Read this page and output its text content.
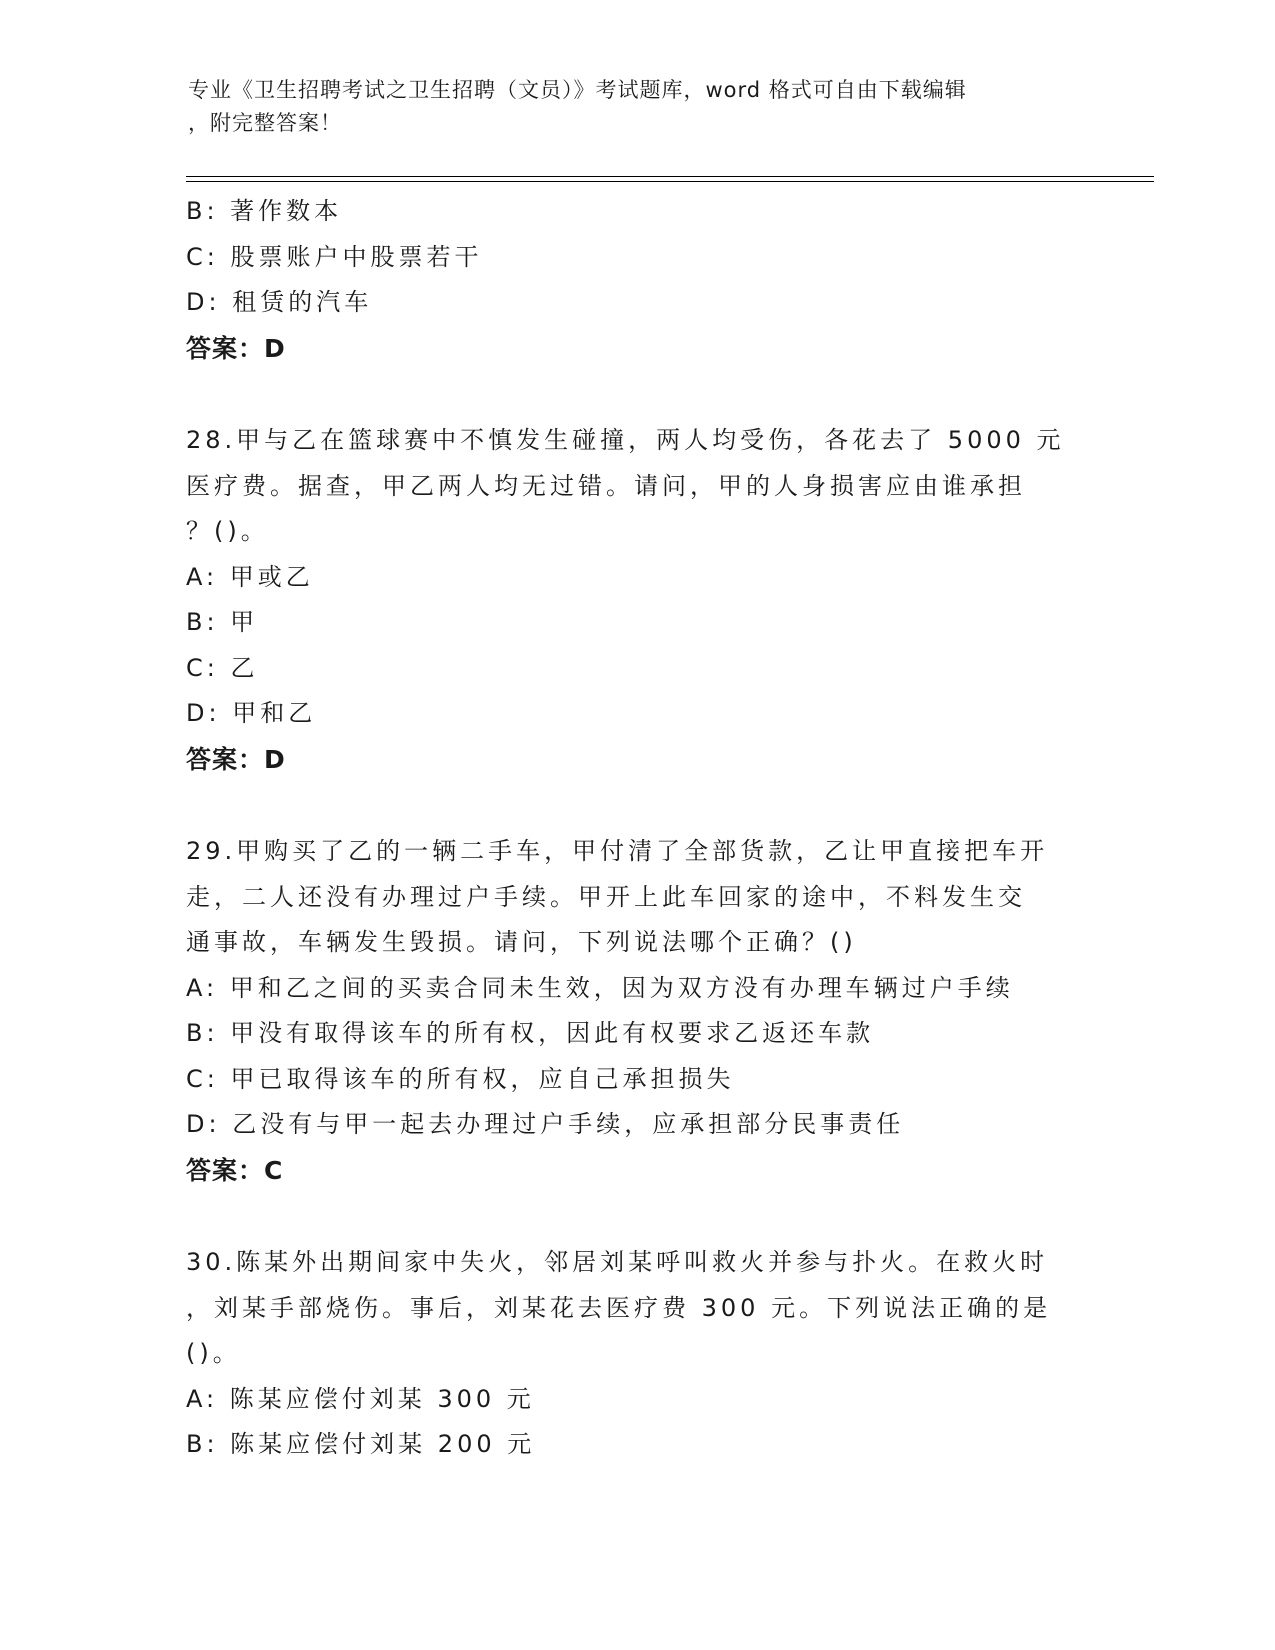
专业《卫生招聘考试之卫生招聘（文员）》考试题库，word 格式可自由下载编辑
，附完整答案！
B: 著作数本
C: 股票账户中股票若干
D: 租赁的汽车
答案：D
28.甲与乙在篮球赛中不慎发生碰撞，两人均受伤，各花去了 5000 元
医疗费。据查，甲乙两人均无过错。请问，甲的人身损害应由谁承担
？()。
A: 甲或乙
B: 甲
C: 乙
D: 甲和乙
答案：D
29.甲购买了乙的一辆二手车，甲付清了全部货款，乙让甲直接把车开
走，二人还没有办理过户手续。甲开上此车回家的途中，不料发生交
通事故，车辆发生毁损。请问，下列说法哪个正确？()
A: 甲和乙之间的买卖合同未生效，因为双方没有办理车辆过户手续
B: 甲没有取得该车的所有权，因此有权要求乙返还车款
C: 甲已取得该车的所有权，应自己承担损失
D: 乙没有与甲一起去办理过户手续，应承担部分民事责任
答案：C
30.陈某外出期间家中失火，邻居刘某呼叫救火并参与扑火。在救火时
，刘某手部烧伤。事后，刘某花去医疗费 300 元。下列说法正确的是
()。
A: 陈某应偿付刘某 300 元
B: 陈某应偿付刘某 200 元
